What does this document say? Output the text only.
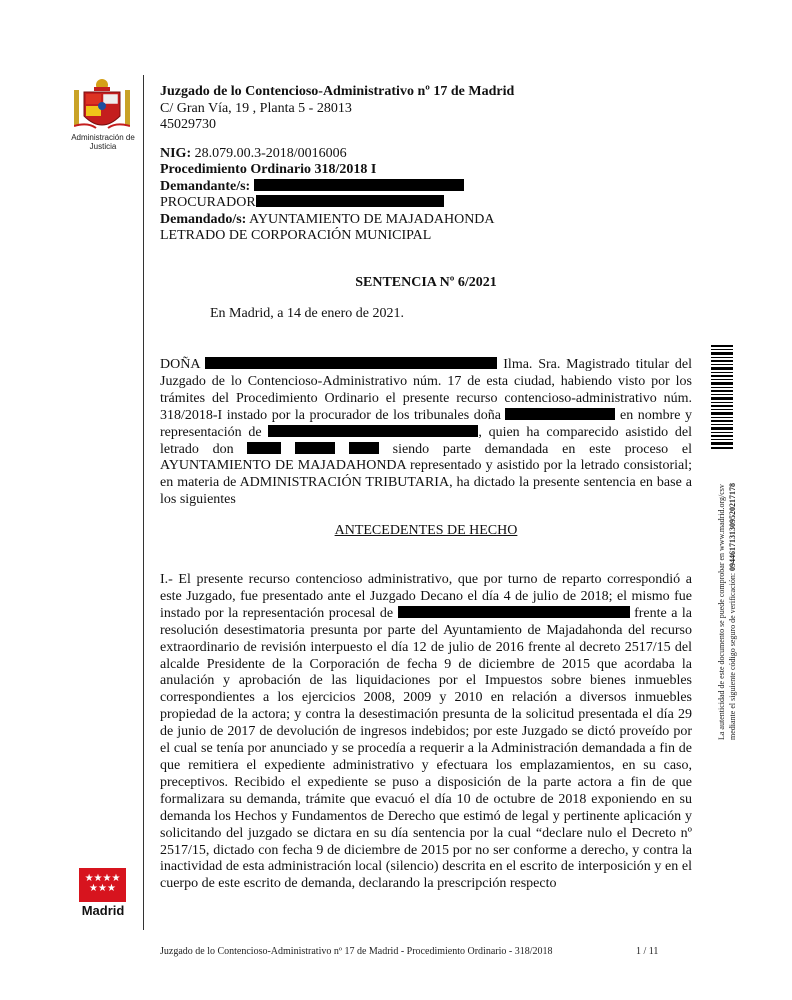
Administración de Justicia
★★★★
★★★
Madrid
Juzgado de lo Contencioso-Administrativo nº 17 de Madrid
C/ Gran Vía, 19 , Planta 5 - 28013
45029730
NIG: 28.079.00.3-2018/0016006
Procedimiento Ordinario 318/2018 I
Demandante/s:
PROCURADOR
Demandado/s: AYUNTAMIENTO DE MAJADAHONDA
LETRADO DE CORPORACIÓN MUNICIPAL
SENTENCIA Nº 6/2021
En Madrid, a 14 de enero de 2021.

DOÑA	Ilma. Sra. Magistrado titular del Juzgado de lo Contencioso-Administrativo núm. 17 de esta ciudad, habiendo visto por los trámites del Procedimiento Ordinario el presente recurso contencioso-administrativo núm. 318/2018-I instado por la procurador de los tribunales doña	en nombre y representación de	, quien ha comparecido asistido del letrado don	siendo parte demandada en este proceso el AYUNTAMIENTO DE MAJADAHONDA representado y asistido por la letrado consistorial; en materia de ADMINISTRACIÓN TRIBUTARIA, ha dictado la presente sentencia en base a los siguientes

ANTECEDENTES DE HECHO

I.- El presente recurso contencioso administrativo, que por turno de reparto correspondió a este Juzgado, fue presentado ante el Juzgado Decano el día 4 de julio de 2018; el mismo fue instado por la representación procesal de	frente a la resolución desestimatoria presunta por parte del Ayuntamiento de Majadahonda del recurso extraordinario de revisión interpuesto el día 12 de julio de 2016 frente al decreto 2517/15 del alcalde Presidente de la Corporación de fecha 9 de diciembre de 2015 que acordaba la anulación y aprobación de las liquidaciones por el Impuestos sobre bienes inmuebles correspondientes a los ejercicios 2008, 2009 y 2010 en relación a diversos inmuebles propiedad de la actora; y contra la desestimación presunta de la solicitud presentada el día 29 de junio de 2017 de devolución de ingresos indebidos; por este Juzgado se dictó proveído por el cual se tenía por anunciado y se procedía a requerir a la Administración demandada a fin de que remitiera el expediente administrativo y efectuara los emplazamientos, en su caso, preceptivos. Recibido el expediente se puso a disposición de la parte actora a fin de que formalizara su demanda, trámite que evacuó el día 10 de octubre de 2018 exponiendo en su demanda los Hechos y Fundamentos de Derecho que estimó de legal y pertinente aplicación y solicitando del juzgado se dictara en su día sentencia por la cual “declare nulo el Decreto nº 2517/15, dictado con fecha 9 de diciembre de 2015 por no ser conforme a derecho, y contra la inactividad de esta administración local (silencio) descrita en el escrito de interposición y en el cuerpo de este escrito de demanda, declarando la prescripción respecto

La autenticidad de este documento se puede comprobar en www.madrid.org/csv mediante el siguiente código seguro de verificación: 0944617131309520217178
Juzgado de lo Contencioso-Administrativo nº 17 de Madrid - Procedimiento Ordinario - 318/2018	1 / 11
